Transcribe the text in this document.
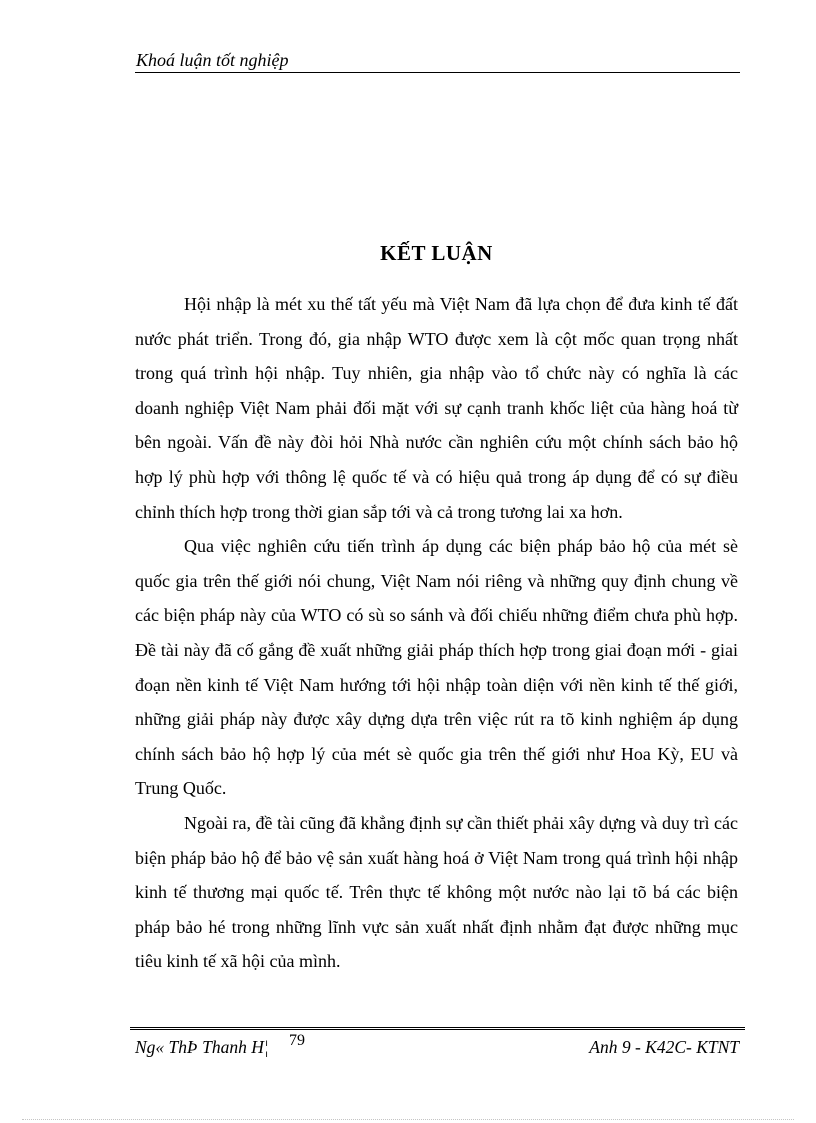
Khoá luận tốt nghiệp
KẾT LUẬN

Hội nhập là mét xu thế tất yếu mà Việt Nam đã lựa chọn để đưa kinh tế đất nước phát triển. Trong đó, gia nhập WTO được xem là cột mốc quan trọng nhất trong quá trình hội nhập. Tuy nhiên, gia nhập vào tổ chức này có nghĩa là các doanh nghiệp Việt Nam phải đối mặt với sự cạnh tranh khốc liệt của hàng hoá từ bên ngoài. Vấn đề này đòi hỏi Nhà nước cần nghiên cứu một chính sách bảo hộ hợp lý phù hợp với thông lệ quốc tế và có hiệu quả trong áp dụng để có sự điều chỉnh thích hợp trong thời gian sắp tới và cả trong tương lai xa hơn.

Qua việc nghiên cứu tiến trình áp dụng các biện pháp bảo hộ của mét sè quốc gia trên thế giới nói chung, Việt Nam nói riêng và những quy định chung về các biện pháp này của WTO có sù so sánh và đối chiếu những điểm chưa phù hợp. Đề tài này đã cố gắng đề xuất những giải pháp thích hợp trong giai đoạn mới - giai đoạn nền kinh tế Việt Nam hướng tới hội nhập toàn diện với nền kinh tế thế giới, những giải pháp này được xây dựng dựa trên việc rút ra tõ kinh nghiệm áp dụng chính sách bảo hộ hợp lý của mét sè quốc gia trên thế giới như Hoa Kỳ, EU và Trung Quốc.

Ngoài ra, đề tài cũng đã khẳng định sự cần thiết phải xây dựng và duy trì các biện pháp bảo hộ để bảo vệ sản xuất hàng hoá ở Việt Nam trong quá trình hội nhập kinh tế thương mại quốc tế. Trên thực tế không một nước nào lại tõ bá các biện pháp bảo hé trong những lĩnh vực sản xuất nhất định nhằm đạt được những mục tiêu kinh tế xã hội của mình.

Ng« ThÞ Thanh H¦ 79	Anh 9 - K42C- KTNT
